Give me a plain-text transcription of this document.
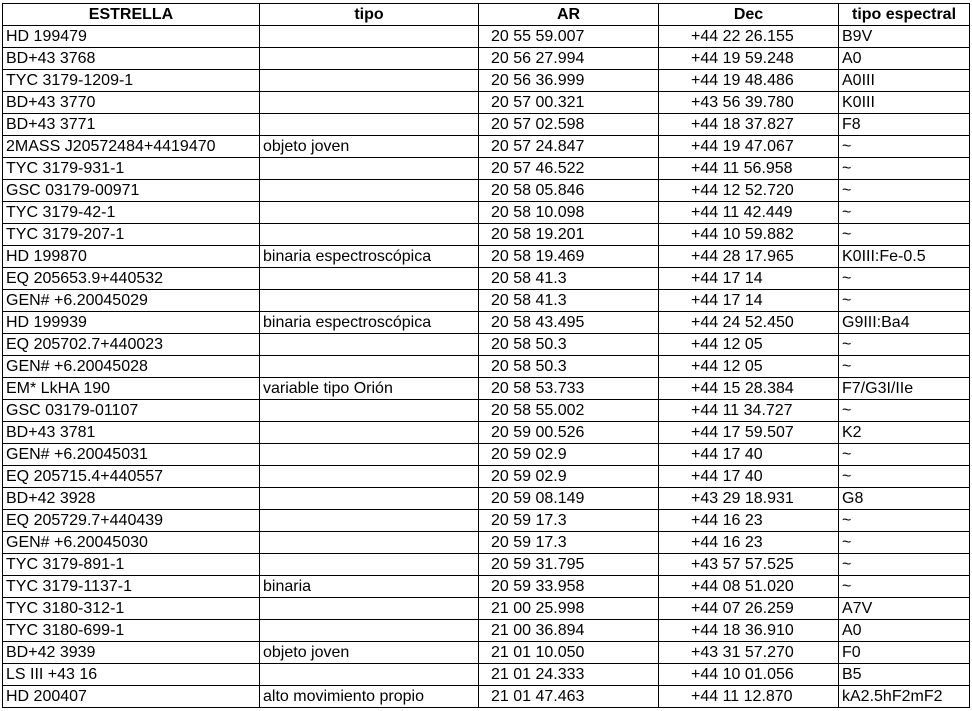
ESTRELLA	tipo	AR	Dec	tipo espectral
HD 199479		20 55 59.007	+44 22 26.155	B9V
BD+43 3768		20 56 27.994	+44 19 59.248	A0
TYC 3179-1209-1		20 56 36.999	+44 19 48.486	A0III
BD+43 3770		20 57 00.321	+43 56 39.780	K0III
BD+43 3771		20 57 02.598	+44 18 37.827	F8
2MASS J20572484+4419470	objeto joven	20 57 24.847	+44 19 47.067	~
TYC 3179-931-1		20 57 46.522	+44 11 56.958	~
GSC 03179-00971		20 58 05.846	+44 12 52.720	~
TYC 3179-42-1		20 58 10.098	+44 11 42.449	~
TYC 3179-207-1		20 58 19.201	+44 10 59.882	~
HD 199870	binaria espectroscópica	20 58 19.469	+44 28 17.965	K0III:Fe-0.5
EQ 205653.9+440532		20 58 41.3	+44 17 14	~
GEN# +6.20045029		20 58 41.3	+44 17 14	~
HD 199939	binaria espectroscópica	20 58 43.495	+44 24 52.450	G9III:Ba4
EQ 205702.7+440023		20 58 50.3	+44 12 05	~
GEN# +6.20045028		20 58 50.3	+44 12 05	~
EM* LkHA 190	variable tipo Orión	20 58 53.733	+44 15 28.384	F7/G3I/IIe
GSC 03179-01107		20 58 55.002	+44 11 34.727	~
BD+43 3781		20 59 00.526	+44 17 59.507	K2
GEN# +6.20045031		20 59 02.9	+44 17 40	~
EQ 205715.4+440557		20 59 02.9	+44 17 40	~
BD+42 3928		20 59 08.149	+43 29 18.931	G8
EQ 205729.7+440439		20 59 17.3	+44 16 23	~
GEN# +6.20045030		20 59 17.3	+44 16 23	~
TYC 3179-891-1		20 59 31.795	+43 57 57.525	~
TYC 3179-1137-1	binaria	20 59 33.958	+44 08 51.020	~
TYC 3180-312-1		21 00 25.998	+44 07 26.259	A7V
TYC 3180-699-1		21 00 36.894	+44 18 36.910	A0
BD+42 3939	objeto joven	21 01 10.050	+43 31 57.270	F0
LS III +43 16		21 01 24.333	+44 10 01.056	B5
HD 200407	alto movimiento propio	21 01 47.463	+44 11 12.870	kA2.5hF2mF2
